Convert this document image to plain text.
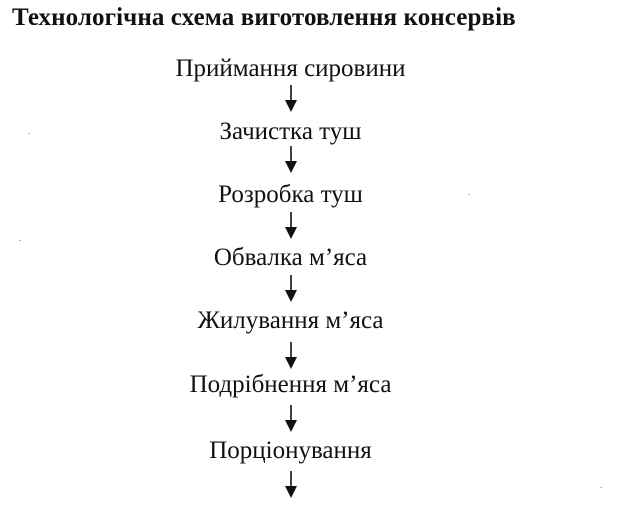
Технологічна схема виготовлення консервів
Приймання сировини
Зачистка туш
Розробка туш
Обвалка м’яса
Жилування м’яса
Подрібнення м’яса
Порціонування
